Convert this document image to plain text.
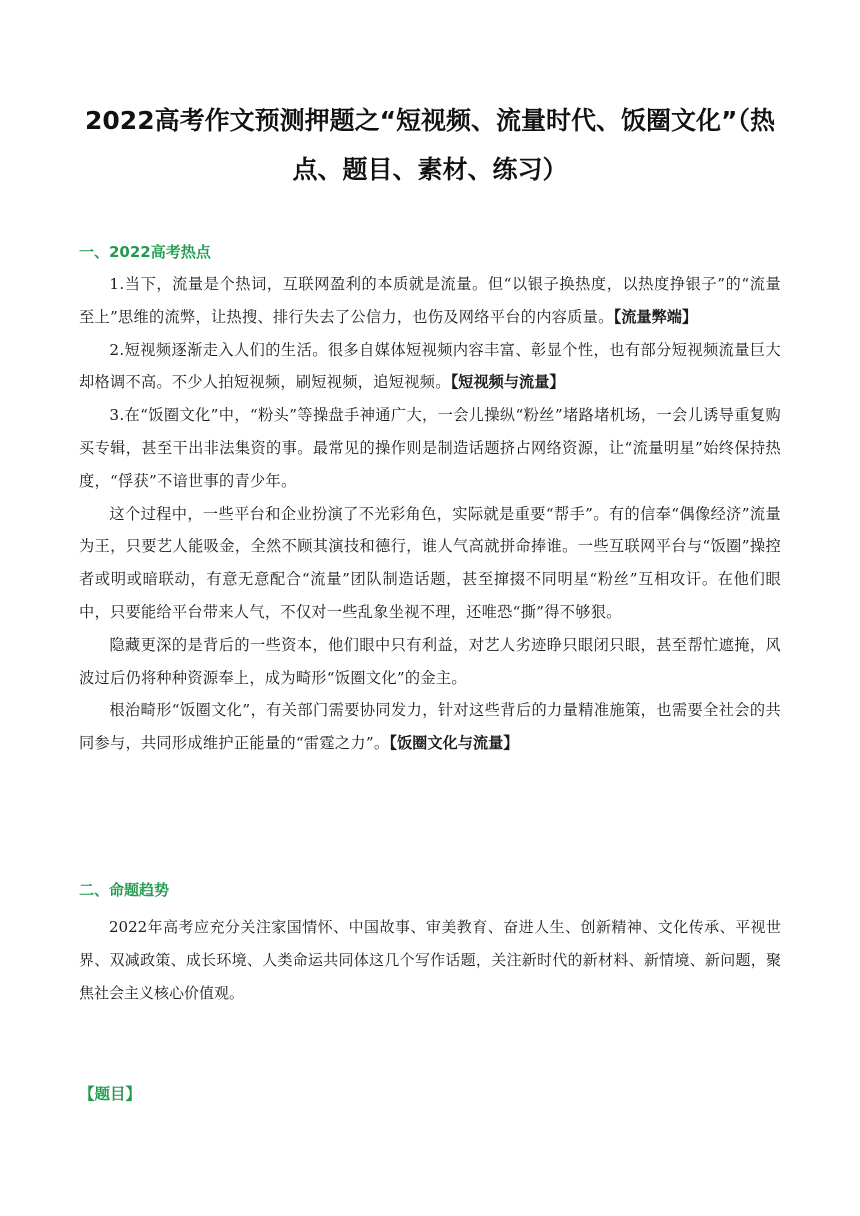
2022高考作文预测押题之“短视频、流量时代、饭圈文化”（热点、题目、素材、练习）
一、2022高考热点

1.当下，流量是个热词，互联网盈利的本质就是流量。但“以银子换热度，以热度挣银子”的“流量至上”思维的流弊，让热搜、排行失去了公信力，也伤及网络平台的内容质量。【流量弊端】

2.短视频逐渐走入人们的生活。很多自媒体短视频内容丰富、彰显个性，也有部分短视频流量巨大却格调不高。不少人拍短视频，刷短视频，追短视频。【短视频与流量】

3.在“饭圈文化”中，“粉头”等操盘手神通广大，一会儿操纵“粉丝”堵路堵机场，一会儿诱导重复购买专辑，甚至干出非法集资的事。最常见的操作则是制造话题挤占网络资源，让“流量明星”始终保持热度，“俘获”不谙世事的青少年。

这个过程中，一些平台和企业扮演了不光彩角色，实际就是重要“帮手”。有的信奉“偶像经济”流量为王，只要艺人能吸金，全然不顾其演技和德行，谁人气高就拼命捧谁。一些互联网平台与“饭圈”操控者或明或暗联动，有意无意配合“流量”团队制造话题，甚至撺掇不同明星“粉丝”互相攻讦。在他们眼中，只要能给平台带来人气，不仅对一些乱象坐视不理，还唯恐“撕”得不够狠。

隐藏更深的是背后的一些资本，他们眼中只有利益，对艺人劣迹睁只眼闭只眼，甚至帮忙遮掩，风波过后仍将种种资源奉上，成为畸形“饭圈文化”的金主。

根治畸形“饭圈文化”，有关部门需要协同发力，针对这些背后的力量精准施策，也需要全社会的共同参与，共同形成维护正能量的“雷霆之力”。【饭圈文化与流量】

二、命题趋势

2022年高考应充分关注家国情怀、中国故事、审美教育、奋进人生、创新精神、文化传承、平视世界、双减政策、成长环境、人类命运共同体这几个写作话题，关注新时代的新材料、新情境、新问题，聚焦社会主义核心价值观。

【题目】
